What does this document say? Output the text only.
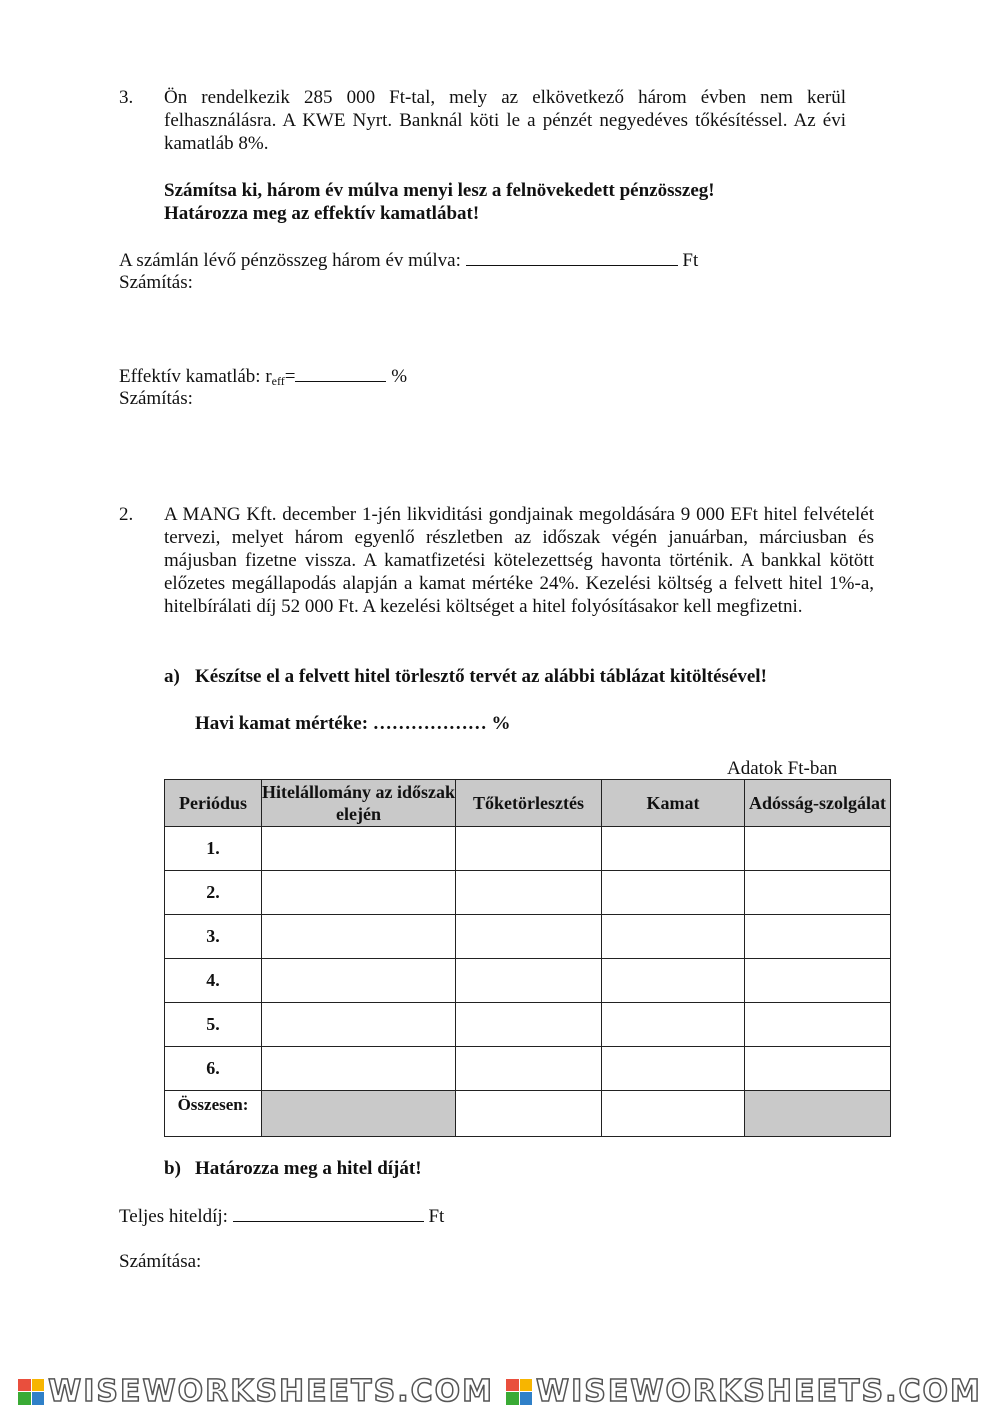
3.	Ön rendelkezik 285 000 Ft-tal, mely az elkövetkező három évben nem kerül felhasználásra. A KWE Nyrt. Banknál köti le a pénzét negyedéves tőkésítéssel. Az évi kamatláb 8%.
Számítsa ki, három év múlva menyi lesz a felnövekedett pénzösszeg!
Határozza meg az effektív kamatlábat!
A számlán lévő pénzösszeg három év múlva:	Ft
Számítás:
Effektív kamatláb: $r_{eff}=$	%
Számítás:
2.	A MANG Kft. december 1-jén likviditási gondjainak megoldására 9 000 EFt hitel felvételét tervezi, melyet három egyenlő részletben az időszak végén januárban, márciusban és májusban fizetne vissza. A kamatfizetési kötelezettség havonta történik. A bankkal kötött előzetes megállapodás alapján a kamat mértéke 24%. Kezelési költség a felvett hitel 1%-a, hitelbírálati díj 52 000 Ft. A kezelési költséget a hitel folyósításakor kell megfizetni.
a) Készítse el a felvett hitel törlesztő tervét az alábbi táblázat kitöltésével!
Havi kamat mértéke: ……………… %
Adatok Ft-ban
Periódus	Hitelállomány az időszak elején	Tőketörlesztés	Kamat	Adósság-szolgálat
1.				
2.				
3.				
4.				
5.				
6.				
Összesen:				
b) Határozza meg a hitel díját!
Teljes hiteldíj:	Ft
Számítása:
WISEWORKSHEETS.COM WISEWORKSHEETS.COM
